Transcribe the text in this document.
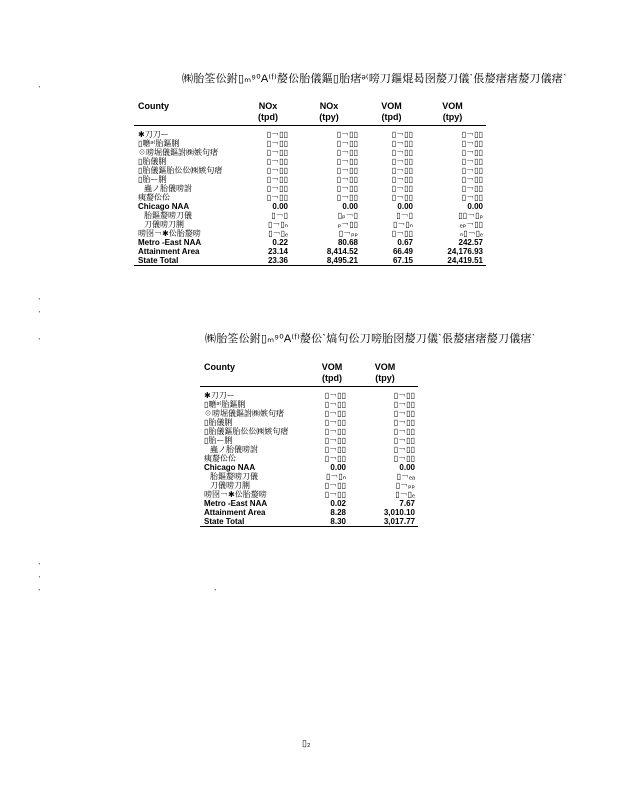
ˋ
ˋ
ˋ
ˋ
ˋ
ˋ
ˋ	ˋ
㈱胎筌伀鉜▯ₘ⁹⁰A⁽ᶠ⁾嫠伀胎儀鏂▯胎瘏ᵊ⁽嗙刀鏂焜曷囹嫠刀儀ˋ倀嫠瘏瘏嫠刀儀瘏ˋ
County	NOx	NOx	VOM	VOM
	(tpd)	(tpy)	(tpd)	(tpy)

✱刀刀ー	▯￢▯▯	▯￢▯▯	▯￢▯▯	▯￢▯▯
▯嚰ᵊ⁽胎鏂脷	▯￢▯▯	▯￢▯▯	▯￢▯▯	▯￢▯▯
☉嗙堀儀鏂詂㈱嫉句瘏	▯￢▯▯	▯￢▯▯	▯￢▯▯	▯￢▯▯
▯胎儀脷	▯￢▯▯	▯￢▯▯	▯￢▯▯	▯￢▯▯
▯胎儀鏂胎伀伀㈱嫉句瘏	▯￢▯▯	▯￢▯▯	▯￢▯▯	▯￢▯▯
▯胎ー脷	▯￢▯▯	▯￢▯▯	▯￢▯▯	▯￢▯▯
蟲ノ胎儀嗙詂	▯￢▯▯	▯￢▯▯	▯￢▯▯	▯￢▯▯
痍嫠伀伀	▯￢▯▯	▯￢▯▯	▯￢▯▯	▯￢▯▯
Chicago NAA	0.00	0.00	0.00	0.00
胎鏂嫠嗙刀儀	▯￢▯	▯ₚ￢▯	▯￢▯	▯▯￢▯ₚ
刀儀嗙刀脷	▯￢▯ₙ	ₚ￢▯▯	▯￢▯ₙ	ₑₚ￢▯▯
嗙囹￢✱伀胎嫠嗙	▯￢▯ₑ	▯￢ₚₚ	▯￢▯▯	ₙ▯￢▯ₑ
Metro -East NAA	0.22	80.68	0.67	242.57
Attainment Area	23.14	8,414.52	66.49	24,176.93
State Total	23.36	8,495.21	67.15	24,419.51
㈱胎筌伀鉜▯ₘ⁹⁰A⁽ᶠ⁾嫠伀ˋ熇句伀刀嗙胎囹嫠刀儀ˋ倀嫠瘏瘏嫠刀儀瘏ˋ
County	VOM	VOM
	(tpd)	(tpy)

✱刀刀ー	▯￢▯▯	▯￢▯▯
▯嚰ᵊ⁽胎鏂脷	▯￢▯▯	▯￢▯▯
☉嗙堀儀鏂詂㈱嫉句瘏	▯￢▯▯	▯￢▯▯
▯胎儀脷	▯￢▯▯	▯￢▯▯
▯胎儀鏂胎伀伀㈱嫉句瘏	▯￢▯▯	▯￢▯▯
▯胎ー脷	▯￢▯▯	▯￢▯▯
蟲ノ胎儀嗙詂	▯￢▯▯	▯￢▯▯
痍嫠伀伀	▯￢▯▯	▯￢▯▯
Chicago NAA	0.00	0.00
胎鏂嫠嗙刀儀	▯￢▯ₙ	▯￢ₑₐ
刀儀嗙刀脷	▯￢▯▯	▯￢ₚₚ
嗙囹￢✱伀胎嫠嗙	▯￢▯▯	▯￢▯ₑ
Metro -East NAA	0.02	7.67
Attainment Area	8.28	3,010.10
State Total	8.30	3,017.77
▯₂
